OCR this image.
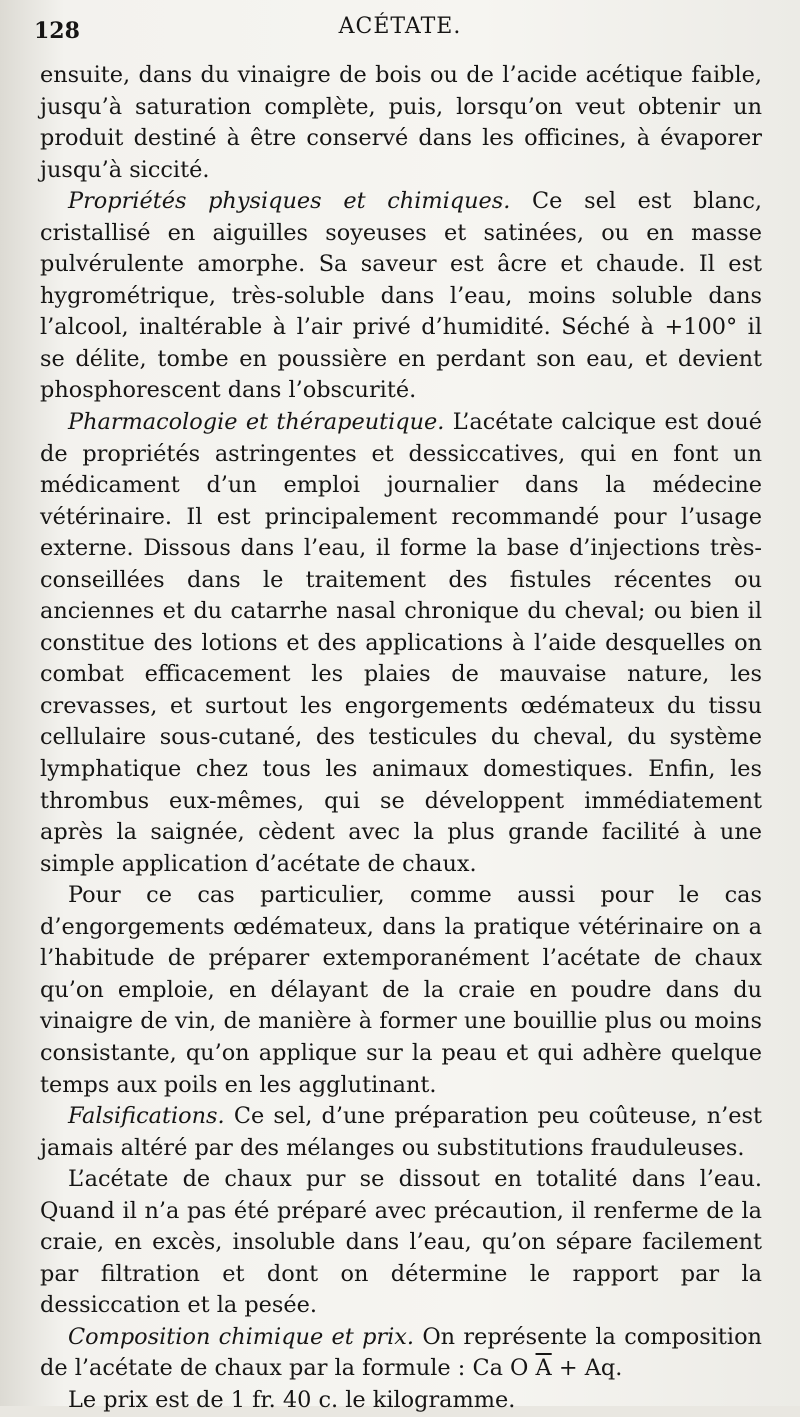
128	ACÉTATE.

ensuite, dans du vinaigre de bois ou de l’acide acétique faible, jusqu’à saturation complète, puis, lorsqu’on veut obtenir un produit destiné à être conservé dans les officines, à évaporer jusqu’à siccité.

Propriétés physiques et chimiques. Ce sel est blanc, cristallisé en aiguilles soyeuses et satinées, ou en masse pulvérulente amorphe. Sa saveur est âcre et chaude. Il est hygrométrique, très-soluble dans l’eau, moins soluble dans l’alcool, inaltérable à l’air privé d’humidité. Séché à +100° il se délite, tombe en poussière en perdant son eau, et devient phosphorescent dans l’obscurité.

Pharmacologie et thérapeutique. L’acétate calcique est doué de propriétés astringentes et dessiccatives, qui en font un médicament d’un emploi journalier dans la médecine vétérinaire. Il est principalement recommandé pour l’usage externe. Dissous dans l’eau, il forme la base d’injections très-conseillées dans le traitement des fistules récentes ou anciennes et du catarrhe nasal chronique du cheval; ou bien il constitue des lotions et des applications à l’aide desquelles on combat efficacement les plaies de mauvaise nature, les crevasses, et surtout les engorgements œdémateux du tissu cellulaire sous-cutané, des testicules du cheval, du système lymphatique chez tous les animaux domestiques. Enfin, les thrombus eux-mêmes, qui se développent immédiatement après la saignée, cèdent avec la plus grande facilité à une simple application d’acétate de chaux.

Pour ce cas particulier, comme aussi pour le cas d’engorgements œdémateux, dans la pratique vétérinaire on a l’habitude de préparer extemporanément l’acétate de chaux qu’on emploie, en délayant de la craie en poudre dans du vinaigre de vin, de manière à former une bouillie plus ou moins consistante, qu’on applique sur la peau et qui adhère quelque temps aux poils en les agglutinant.

Falsifications. Ce sel, d’une préparation peu coûteuse, n’est jamais altéré par des mélanges ou substitutions frauduleuses.

L’acétate de chaux pur se dissout en totalité dans l’eau. Quand il n’a pas été préparé avec précaution, il renferme de la craie, en excès, insoluble dans l’eau, qu’on sépare facilement par filtration et dont on détermine le rapport par la dessiccation et la pesée.

Composition chimique et prix. On représente la composition de l’acétate de chaux par la formule : Ca O $\overline{A} + Aq$.

Le prix est de 1 fr. 40 c. le kilogramme.
